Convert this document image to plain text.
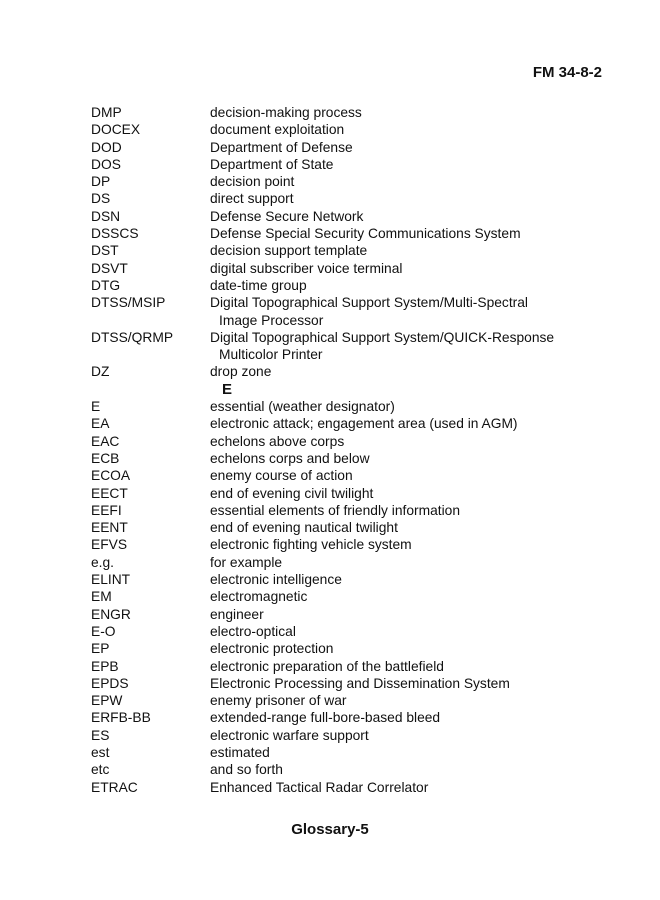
FM 34-8-2
DMP	decision-making process
DOCEX	document exploitation
DOD	Department of Defense
DOS	Department of State
DP	decision point
DS	direct support
DSN	Defense Secure Network
DSSCS	Defense Special Security Communications System
DST	decision support template
DSVT	digital subscriber voice terminal
DTG	date-time group
DTSS/MSIP	Digital Topographical Support System/Multi-Spectral
Image Processor
DTSS/QRMP	Digital Topographical Support System/QUICK-Response
Multicolor Printer
DZ	drop zone
E
E	essential (weather designator)
EA	electronic attack; engagement area (used in AGM)
EAC	echelons above corps
ECB	echelons corps and below
ECOA	enemy course of action
EECT	end of evening civil twilight
EEFI	essential elements of friendly information
EENT	end of evening nautical twilight
EFVS	electronic fighting vehicle system
e.g.	for example
ELINT	electronic intelligence
EM	electromagnetic
ENGR	engineer
E-O	electro-optical
EP	electronic protection
EPB	electronic preparation of the battlefield
EPDS	Electronic Processing and Dissemination System
EPW	enemy prisoner of war
ERFB-BB	extended-range full-bore-based bleed
ES	electronic warfare support
est	estimated
etc	and so forth
ETRAC	Enhanced Tactical Radar Correlator
Glossary-5
